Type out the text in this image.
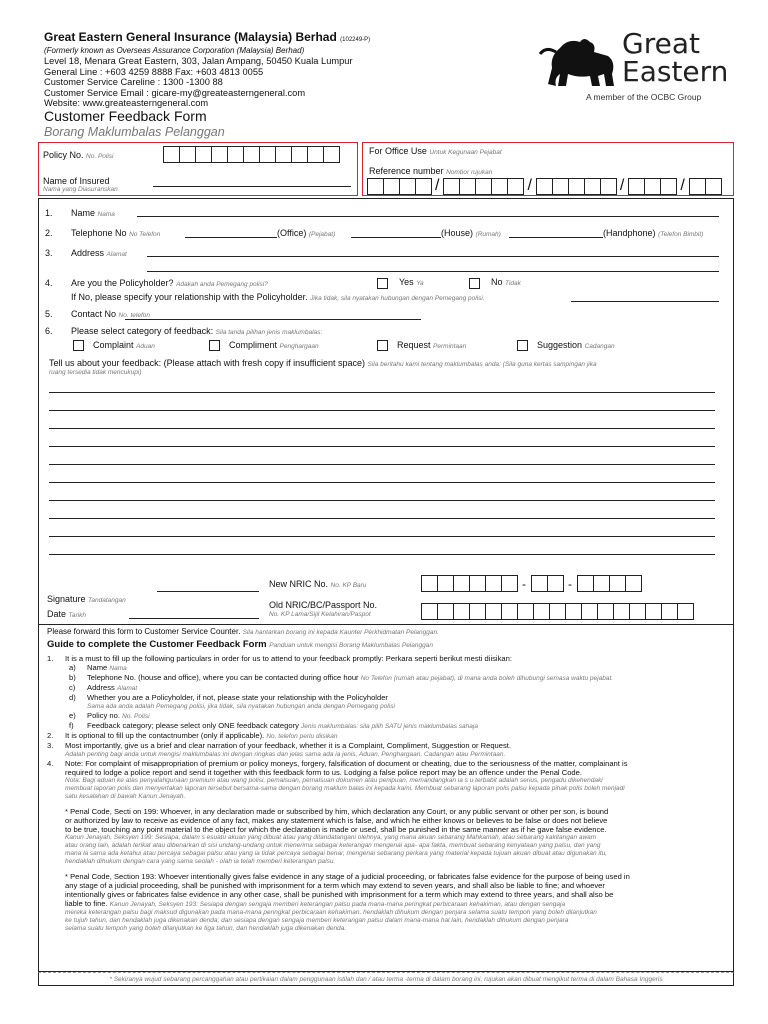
Great Eastern General Insurance (Malaysia) Berhad (102249-P)
(Formerly known as Overseas Assurance Corporation (Malaysia) Berhad)
Level 18, Menara Great Eastern, 303, Jalan Ampang, 50450 Kuala Lumpur
General Line : +603 4259 8888 Fax: +603 4813 0055
Customer Service Careline : 1300 -1300 88
Customer Service Email : gicare-my@greateasterngeneral.com
Website: www.greateasterngeneral.com
Great
Eastern
A member of the OCBC Group
Customer Feedback Form
Borang Maklumbalas Pelanggan
Policy No. No. Polisi
Name of Insured
Nama yang Diasuranskan
For Office Use Untuk Kegunaan Pejabat
Reference number Nombor rujukan
/	/	/	/
1. Name Nama
2. Telephone No No Telefon	(Office) (Pejabat)	(House) (Rumah)	(Handphone) (Telefon Bimbit)
3. Address Alamat
4. Are you the Policyholder? Adakah anda Pemegang polisi?	Yes Ya	No Tidak
If No, please specify your relationship with the Policyholder. Jika tidak, sila nyatakan hubungan dengan Pemegang polisi.
5. Contact No No. telefon
6. Please select category of feedback: Sila tanda pilihan jenis maklumbalas:
Complaint Aduan	Compliment Penghargaan	Request Permintaan	Suggestion Cadangan
Tell us about your feedback: (Please attach with fresh copy if insufficient space) Sila beritahu kami tentang maklumbalas anda: (Sila guna kertas sampingan jika
ruang tersedia tidak mencukupi)
Signature Tandatangan
Date Tarikh
New NRIC No. No. KP Baru	-	-
Old NRIC/BC/Passport No.
No. KP Lama/Sijil Kelahiran/Paspot
Please forward this form to Customer Service Counter. Sila hantarkan borang ini kepada Kaunter Perkhidmatan Pelanggan.
Guide to complete the Customer Feedback Form Panduan untuk mengisi Borang Maklumbalas Pelanggan
1. It is a must to fill up the following particulars in order for us to attend to your feedback promptly: Perkara seperti berikut mesti diisikan:
a) Name Nama
b) Telephone No. (house and office), where you can be contacted during office hour No Telefon (rumah atau pejabat), di mana anda boleh dihubungi semasa waktu pejabat.
c) Address Alamat
d) Whether you are a Policyholder, if not, please state your relationship with the Policyholder
Sama ada anda adalah Pemegang polisi, jika tidak, sila nyatakan hubungan anda dengan Pemegang polisi
e) Policy no. No. Polisi
f) Feedback category; please select only ONE feedback category Jenis maklumbalas: sila pilih SATU jenis maklumbalas sahaja
2. It is optional to fill up the contactnumber (only if applicable). No. telefon perlu diisikan
3. Most importantly, give us a brief and clear narration of your feedback, whether it is a Complaint, Compliment, Suggestion or Request.
Adalah penting bagi anda untuk mengisi maklumbalas ini dengan ringkas dan jelas sama ada ia jenis, Aduan, Penghargaan, Cadangan atau Permintaan.
4. Note: For complaint of misappropriation of premium or policy moneys, forgery, falsification of document or cheating, due to the seriousness of the matter, complainant is
required to lodge a police report and send it together with this feedback form to us. Lodging a false police report may be an offence under the Penal Code.
Nota: Bagi aduan ke atas penyalahgunaan premium atau wang polisi, pemalsuan, pemalsuan dokumen atau penipuan, memandangkan ia s u terbabit adalah serius, pengadu dikehendaki
membuat laporan polis dan menyertakan laporan tersebut bersama-sama dengan borang maklum balas ini kepada kami. Membuat sebarang laporan polis palsu kepada pihak polis boleh menjadi
satu kesalahan di bawah Kanun Jenayah.
* Penal Code, Secti on 199: Whoever, in any declaration made or subscribed by him, which declaration any Court, or any public servant or other per son, is bound
or authorized by law to receive as evidence of any fact, makes any statement which is false, and which he either knows or believes to be false or does not believe
to be true, touching any point material to the object for which the declaration is made or used, shall be punished in the same manner as if he gave false evidence.
Kanun Jenayah, Seksyen 199: Sesiapa, dalam s esuatu akuan yang dibuat atau yang ditandatangani olehnya, yang mana akuan sebarang Mahkamah, atau sebarang kakitangan awam
atau orang lain, adalah terikat atau dibenarkan di sisi undang-undang untuk menerima sebagai keterangan mengenai apa- apa fakta, membuat sebarang kenyataan yang palsu, dan yang
mana la sama ada ketahui atau percaya sebagai palsu atau yang ia tidak percaya sebagai benar, mengenai sebarang perkara yang material kepada tujuan akuan dibuat atau digunakan itu,
hendaklah dihukum dengan cara yang sama seolah - olah ia telah memberi keterangan palsu.
* Penal Code, Section 193: Whoever intentionally gives false evidence in any stage of a judicial proceeding, or fabricates false evidence for the purpose of being used in
any stage of a judicial proceeding, shall be punished with imprisonment for a term which may extend to seven years, and shall also be liable to fine; and whoever
intentionally gives or fabricates false evidence in any other case, shall be punished with imprisonment for a term which may extend to three years, and shall also be
liable to fine. Kanun Jenayah, Seksyen 193: Sesiapa dengan sengaja memberi keterangan palsu pada mana-mana peringkat perbicaraan kehakiman, atau dengan sengaja
mereka keterangan palsu bagi maksud digunakan pada mana-mana peringkat perbicaraan kehakiman, hendaklah dihukum dengan penjara selama suatu tempoh yang boleh dilanjutkan
ke tujuh tahun, dan hendaklah juga dikenakan denda; dan sesiapa dengan sengaja memberi keterangan palsu dalam mana-mana hal lain, hendaklah dihukum dengan penjara
selama suatu tempoh yang boleh dilanjutkan ke tiga tahun, dan hendaklah juga dikenakan denda.
* Sekiranya wujud sebarang percanggahan atau pertikaian dalam penggunaan istilah dan / atau terma -terma di dalam borang ini, rujukan akan dibuat mengikut terma di dalam Bahasa Inggeris
